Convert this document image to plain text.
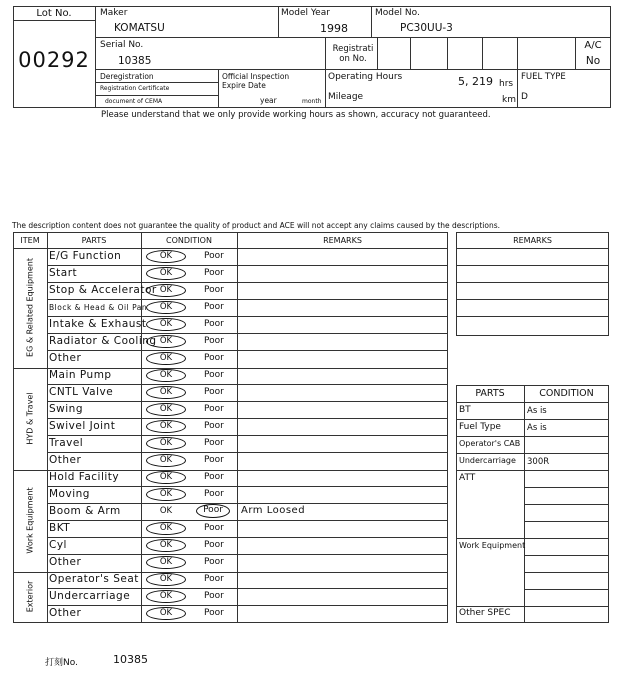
Lot No.
00292
Maker
KOMATSU
Model Year
1998
Model No.
PC30UU-3
Serial No.
10385
Registrati on No.
A/C
No
Deregistration
Registration Certificate
document of CEMA
Official Inspection
Expire Date
year	month
Operating Hours	5, 219 hrs
Mileage	km
FUEL TYPE
D
Please understand that we only provide working hours as shown, accuracy not guaranteed.
The description content does not guarantee the quality of product and ACE will not accept any claims caused by the descriptions.
ITEM	PARTS	CONDITION	REMARKS
EG & Related Equipment
HYD & Travel
Work Equipment
Exterior
E/G Function	OK	Poor
Start	OK	Poor
Stop & Accelerator OK	Poor
Block & Head & Oil Pan	OK	Poor
Intake & Exhaust	OK	Poor
Radiator & Cooling OK	Poor
Other	OK	Poor
Main Pump	OK	Poor
CNTL Valve	OK	Poor
Swing	OK	Poor
Swivel Joint	OK	Poor
Travel	OK	Poor
Other	OK	Poor
Hold Facility	OK	Poor
Moving	OK	Poor
Boom & Arm	OK	Poor	Arm Loosed
BKT	OK	Poor
Cyl	OK	Poor
Other	OK	Poor
Operator's Seat	OK	Poor
Undercarriage	OK	Poor
Other	OK	Poor
REMARKS
PARTS	CONDITION
BT	As is
Fuel Type	As is
Operator's CAB
Undercarriage 300R
ATT
Work Equipment
Other SPEC
打刻No.	10385
